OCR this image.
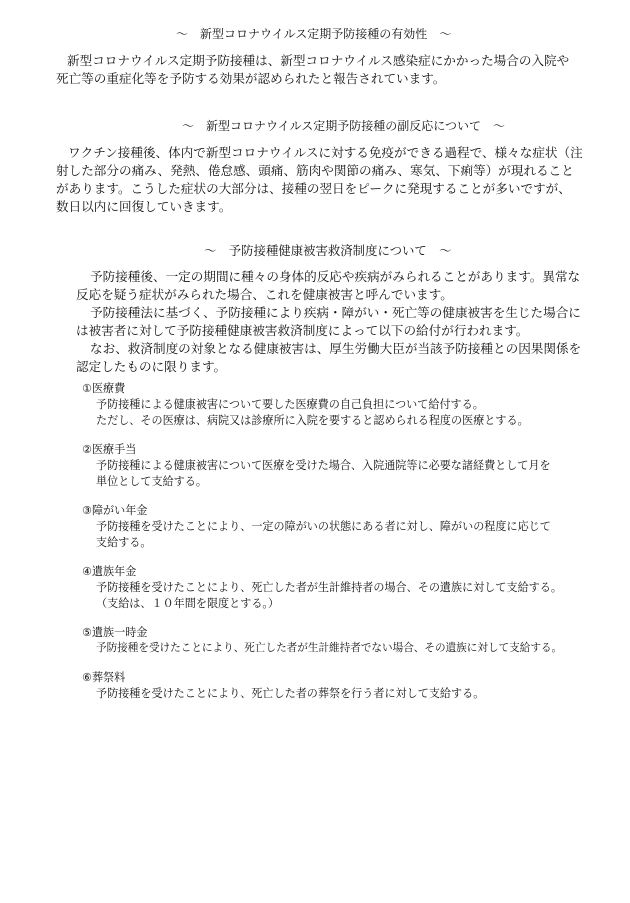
～　新型コロナウイルス定期予防接種の有効性　～

新型コロナウイルス定期予防接種は、新型コロナウイルス感染症にかかった場合の入院や

死亡等の重症化等を予防する効果が認められたと報告されています。

～　新型コロナウイルス定期予防接種の副反応について　～

ワクチン接種後、体内で新型コロナウイルスに対する免疫ができる過程で、様々な症状（注

射した部分の痛み、発熱、倦怠感、頭痛、筋肉や関節の痛み、寒気、下痢等）が現れること

があります。こうした症状の大部分は、接種の翌日をピークに発現することが多いですが、

数日以内に回復していきます。

～　予防接種健康被害救済制度について　～

予防接種後、一定の期間に種々の身体的反応や疾病がみられることがあります。異常な

反応を疑う症状がみられた場合、これを健康被害と呼んでいます。

予防接種法に基づく、予防接種により疾病・障がい・死亡等の健康被害を生じた場合に

は被害者に対して予防接種健康被害救済制度によって以下の給付が行われます。

なお、救済制度の対象となる健康被害は、厚生労働大臣が当該予防接種との因果関係を

認定したものに限ります。

①医療費

予防接種による健康被害について要した医療費の自己負担について給付する。

ただし、その医療は、病院又は診療所に入院を要すると認められる程度の医療とする。

②医療手当

予防接種による健康被害について医療を受けた場合、入院通院等に必要な諸経費として月を

単位として支給する。

③障がい年金

予防接種を受けたことにより、一定の障がいの状態にある者に対し、障がいの程度に応じて

支給する。

④遺族年金

予防接種を受けたことにより、死亡した者が生計維持者の場合、その遺族に対して支給する。

（支給は、１０年間を限度とする。）

⑤遺族一時金

予防接種を受けたことにより、死亡した者が生計維持者でない場合、その遺族に対して支給する。

⑥葬祭料

予防接種を受けたことにより、死亡した者の葬祭を行う者に対して支給する。
